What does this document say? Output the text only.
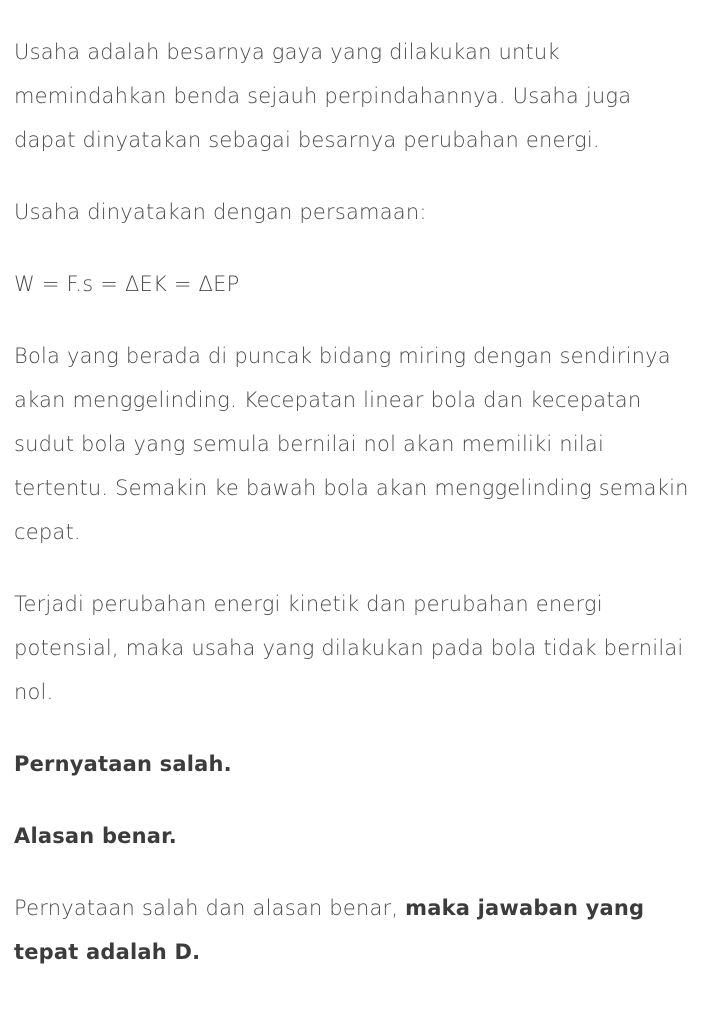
Usaha adalah besarnya gaya yang dilakukan untuk memindahkan benda sejauh perpindahannya. Usaha juga dapat dinyatakan sebagai besarnya perubahan energi.

Usaha dinyatakan dengan persamaan:

W = F.s = ΔEK = ΔEP

Bola yang berada di puncak bidang miring dengan sendirinya akan menggelinding. Kecepatan linear bola dan kecepatan sudut bola yang semula bernilai nol akan memiliki nilai tertentu. Semakin ke bawah bola akan menggelinding semakin cepat.

Terjadi perubahan energi kinetik dan perubahan energi potensial, maka usaha yang dilakukan pada bola tidak bernilai nol.

Pernyataan salah.

Alasan benar.

Pernyataan salah dan alasan benar, maka jawaban yang tepat adalah D.
